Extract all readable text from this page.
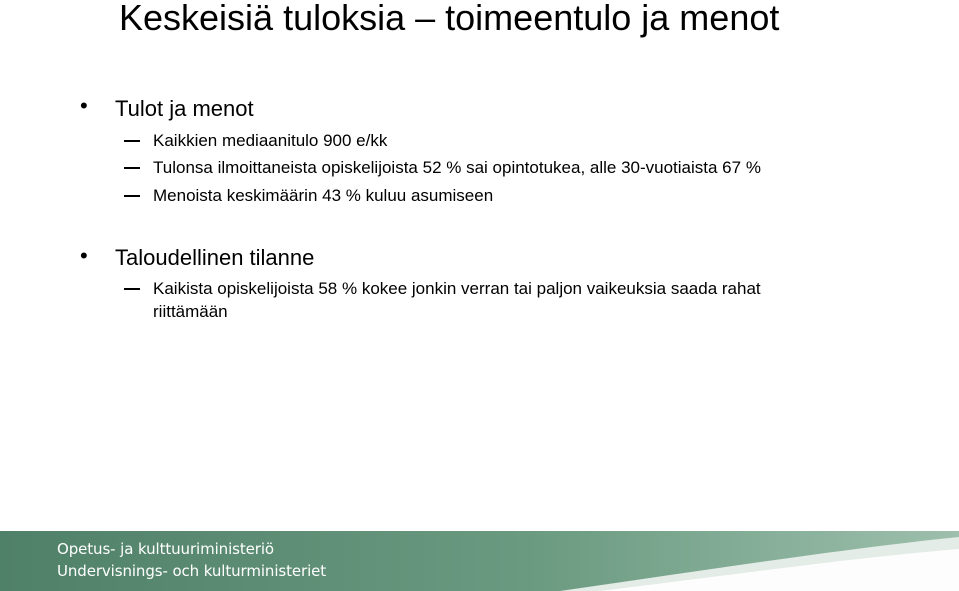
Keskeisiä tuloksia – toimeentulo ja menot
• Tulot ja menot
Kaikkien mediaanitulo 900 e/kk
Tulonsa ilmoittaneista opiskelijoista 52 % sai opintotukea, alle 30-vuotiaista 67 %
Menoista keskimäärin 43 % kuluu asumiseen
• Taloudellinen tilanne
Kaikista opiskelijoista 58 % kokee jonkin verran tai paljon vaikeuksia saada rahat
riittämään
Opetus- ja kulttuuriministeriö
Undervisnings- och kulturministeriet
